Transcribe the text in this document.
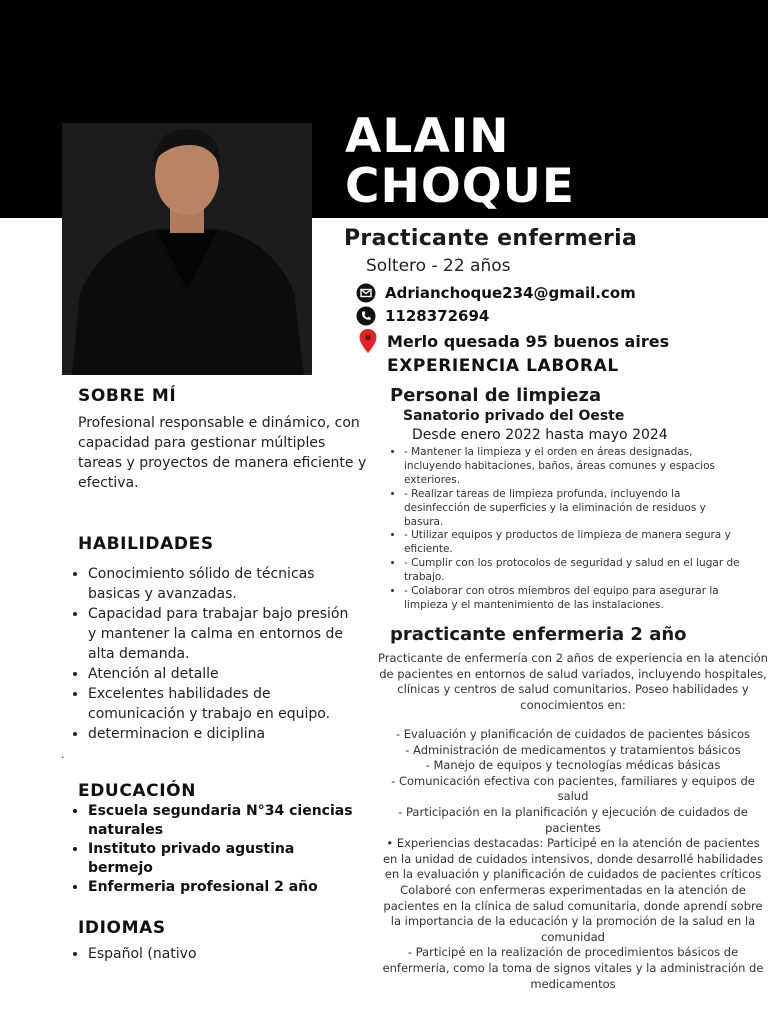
ALAIN
CHOQUE
Practicante enfermeria
Soltero - 22 años
Adrianchoque234@gmail.com
1128372694
Merlo quesada 95 buenos aires
SOBRE MÍ

Profesional responsable e dinámico, con capacidad para gestionar múltiples tareas y proyectos de manera eficiente y efectiva.

HABILIDADES
• Conocimiento sólido de técnicas basicas y avanzadas.
• Capacidad para trabajar bajo presión y mantener la calma en entornos de alta demanda.
• Atención al detalle
• Excelentes habilidades de comunicación y trabajo en equipo.
• determinacion e diciplina
.
EDUCACIÓN
• Escuela segundaria N°34 ciencias naturales
• Instituto privado agustina bermejo
• Enfermeria profesional 2 año
IDIOMAS
• Español (nativo
EXPERIENCIA LABORAL
Personal de limpieza
Sanatorio privado del Oeste
Desde enero 2022 hasta mayo 2024
• - Mantener la limpieza y el orden en áreas designadas, incluyendo habitaciones, baños, áreas comunes y espacios exteriores.
• - Realizar tareas de limpieza profunda, incluyendo la desinfección de superficies y la eliminación de residuos y basura.
• - Utilizar equipos y productos de limpieza de manera segura y eficiente.
• - Cumplir con los protocolos de seguridad y salud en el lugar de trabajo.
• - Colaborar con otros miembros del equipo para asegurar la limpieza y el mantenimiento de las instalaciones.
practicante enfermeria 2 año

Practicante de enfermería con 2 años de experiencia en la atención de pacientes en entornos de salud variados, incluyendo hospitales, clínicas y centros de salud comunitarios. Poseo habilidades y conocimientos en:

- Evaluación y planificación de cuidados de pacientes básicos
- Administración de medicamentos y tratamientos básicos
- Manejo de equipos y tecnologías médicas básicas
- Comunicación efectiva con pacientes, familiares y equipos de salud
- Participación en la planificación y ejecución de cuidados de pacientes
• Experiencias destacadas: Participé en la atención de pacientes en la unidad de cuidados intensivos, donde desarrollé habilidades en la evaluación y planificación de cuidados de pacientes críticos Colaboré con enfermeras experimentadas en la atención de pacientes en la clínica de salud comunitaria, donde aprendí sobre la importancia de la educación y la promoción de la salud en la comunidad
- Participé en la realización de procedimientos básicos de enfermería, como la toma de signos vitales y la administración de medicamentos
